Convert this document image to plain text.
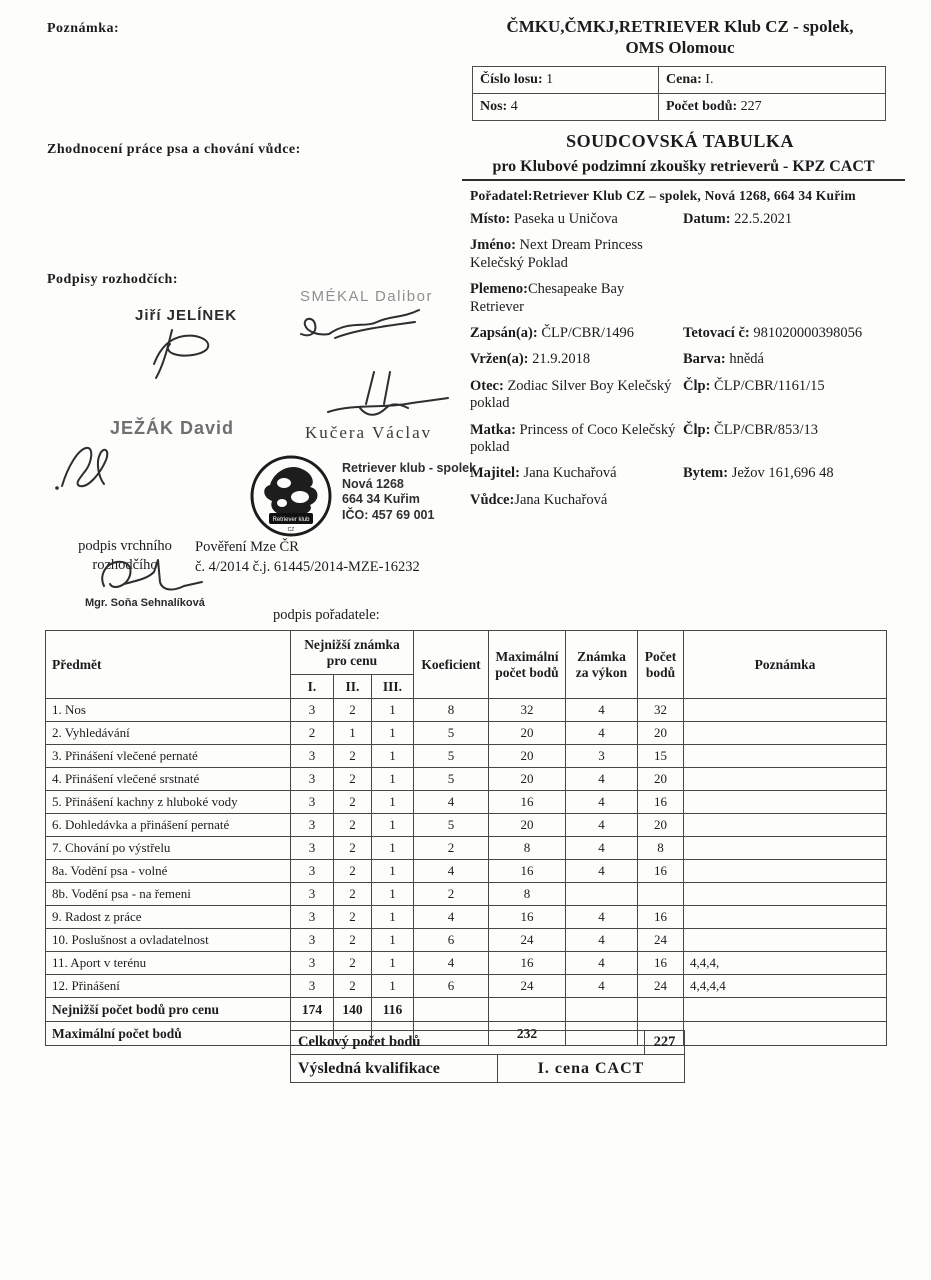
Poznámka:
Zhodnocení práce psa a chování vůdce:
Podpisy rozhodčích:
ČMKU,ČMKJ,RETRIEVER Klub CZ - spolek,
OMS Olomouc
Číslo losu: 1	Cena: I.
Nos: 4	Počet bodů: 227
SOUDCOVSKÁ TABULKA
pro Klubové podzimní zkoušky retrieverů - KPZ CACT
Pořadatel:Retriever Klub CZ – spolek, Nová 1268, 664 34 Kuřim
Místo: Paseka u Uničova	Datum: 22.5.2021
Jméno: Next Dream Princess Kelečský Poklad
Plemeno:Chesapeake Bay Retriever
Zapsán(a): ČLP/CBR/1496	Tetovací č: 981020000398056
Vržen(a): 21.9.2018	Barva: hnědá
Otec: Zodiac Silver Boy Kelečský poklad
Člp: ČLP/CBR/1161/15
Matka: Princess of Coco Kelečský poklad
Člp: ČLP/CBR/853/13
Majitel: Jana Kuchařová	Bytem: Ježov 161,696 48
Vůdce:Jana Kuchařová
SMÉKAL Dalibor
Jiří JELÍNEK
Kučera Václav
JEŽÁK David
Retriever klub
CZ
Retriever klub - spolek
Nová 1268
664 34 Kuřim
IČO: 457 69 001
podpis vrchního
rozhodčího
Pověření Mze ČR
č. 4/2014 č.j. 61445/2014-MZE-16232
Mgr. Soňa Sehnalíková
podpis pořadatele:
Předmět	Nejnižší známka pro cenu			Koeficient	Maximální počet bodů	Známka za výkon	Počet bodů	Poznámka
	I.	II.	III.					
1. Nos	3	2	1	8	32	4	32	
2. Vyhledávání	2	1	1	5	20	4	20	
3. Přinášení vlečené pernaté	3	2	1	5	20	3	15	
4. Přinášení vlečené srstnaté	3	2	1	5	20	4	20	
5. Přinášení kachny z hluboké vody	3	2	1	4	16	4	16	
6. Dohledávka a přinášení pernaté	3	2	1	5	20	4	20	
7. Chování po výstřelu	3	2	1	2	8	4	8	
8a. Vodění psa - volné	3	2	1	4	16	4	16	
8b. Vodění psa - na řemeni	3	2	1	2	8			
9. Radost z práce	3	2	1	4	16	4	16	
10. Poslušnost a ovladatelnost	3	2	1	6	24	4	24	
11. Aport v terénu	3	2	1	4	16	4	16	4,4,4,
12. Přinášení	3	2	1	6	24	4	24	4,4,4,4
Nejnižší počet bodů pro cenu	174	140	116					
Maximální počet bodů					232			
Celkový počet bodů	227
Výsledná kvalifikace	I. cena CACT
